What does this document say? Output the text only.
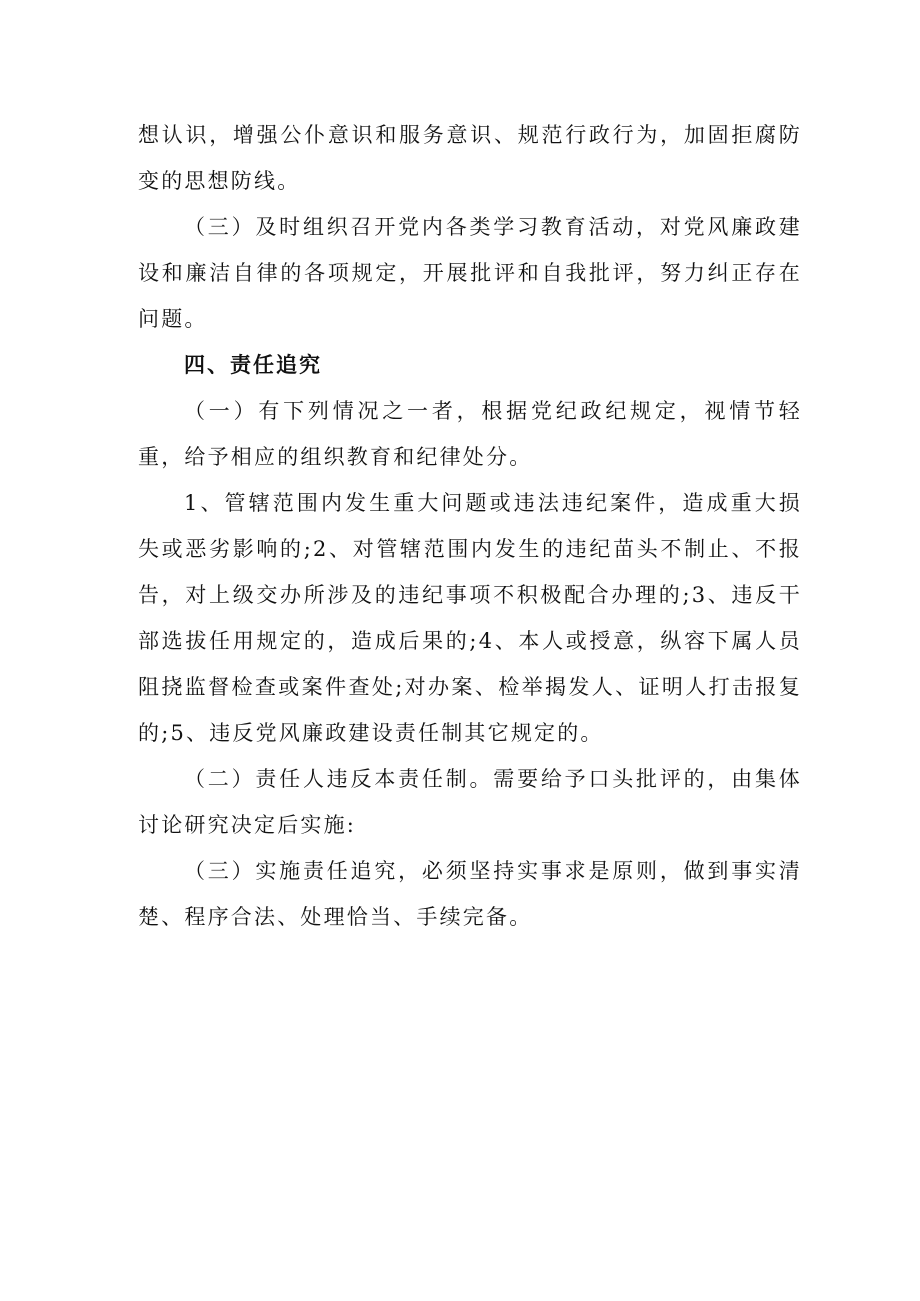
想认识，增强公仆意识和服务意识、规范行政行为，加固拒腐防变的思想防线。

（三）及时组织召开党内各类学习教育活动，对党风廉政建设和廉洁自律的各项规定，开展批评和自我批评，努力纠正存在问题。

四、责任追究

（一）有下列情况之一者，根据党纪政纪规定，视情节轻重，给予相应的组织教育和纪律处分。

1、管辖范围内发生重大问题或违法违纪案件，造成重大损失或恶劣影响的;2、对管辖范围内发生的违纪苗头不制止、不报告，对上级交办所涉及的违纪事项不积极配合办理的;3、违反干部选拔任用规定的，造成后果的;4、本人或授意，纵容下属人员阻挠监督检查或案件查处;对办案、检举揭发人、证明人打击报复的;5、违反党风廉政建设责任制其它规定的。

（二）责任人违反本责任制。需要给予口头批评的，由集体讨论研究决定后实施:

（三）实施责任追究，必须坚持实事求是原则，做到事实清楚、程序合法、处理恰当、手续完备。
